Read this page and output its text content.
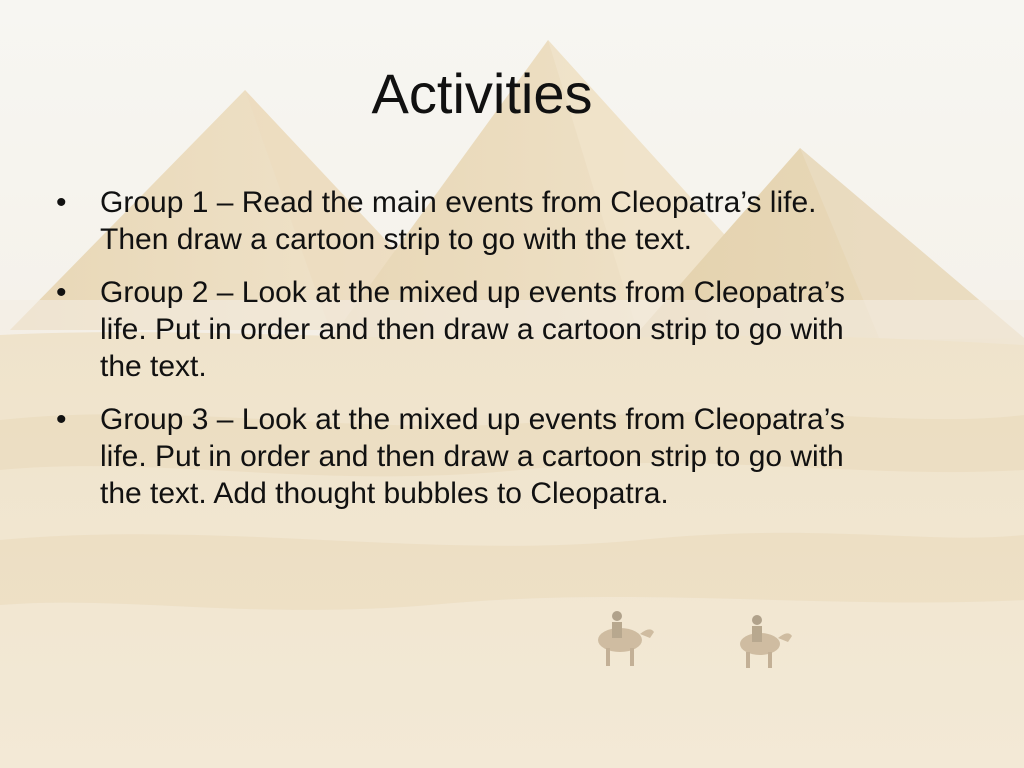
Activities
•	Group 1 – Read the main events from Cleopatra’s life.
Then draw a cartoon strip to go with the text.
•	Group 2 – Look at the mixed up events from Cleopatra’s
life. Put in order and then draw a cartoon strip to go with
the text.
•	Group 3 – Look at the mixed up events from Cleopatra’s
life. Put in order and then draw a cartoon strip to go with
the text. Add thought bubbles to Cleopatra.
